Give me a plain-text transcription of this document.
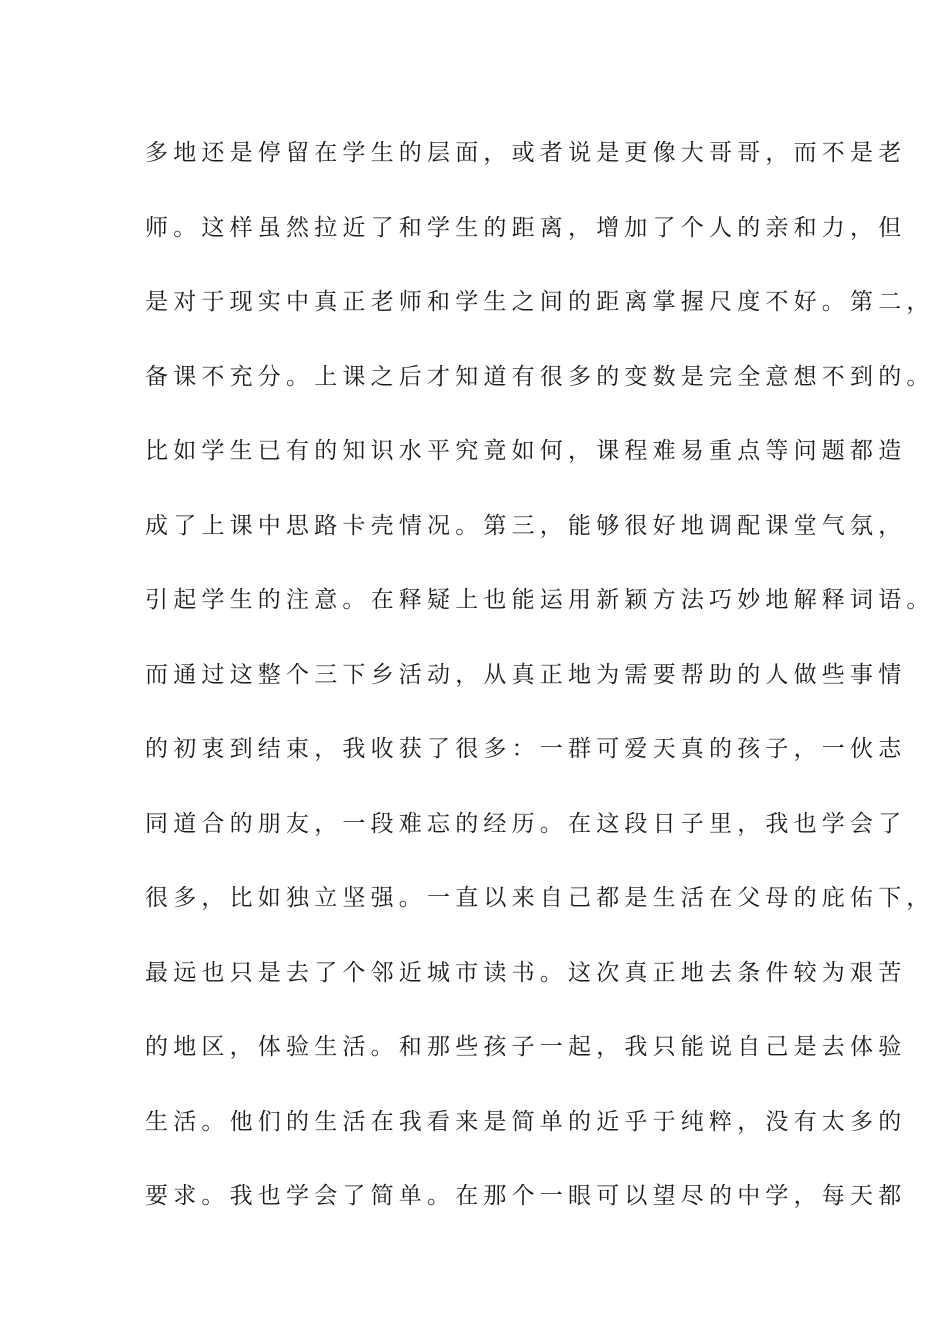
多地还是停留在学生的层面，或者说是更像大哥哥，而不是老
师。这样虽然拉近了和学生的距离，增加了个人的亲和力，但
是对于现实中真正老师和学生之间的距离掌握尺度不好。第二，
备课不充分。上课之后才知道有很多的变数是完全意想不到的。
比如学生已有的知识水平究竟如何，课程难易重点等问题都造
成了上课中思路卡壳情况。第三，能够很好地调配课堂气氛，
引起学生的注意。在释疑上也能运用新颖方法巧妙地解释词语。
而通过这整个三下乡活动，从真正地为需要帮助的人做些事情
的初衷到结束，我收获了很多：一群可爱天真的孩子，一伙志
同道合的朋友，一段难忘的经历。在这段日子里，我也学会了
很多，比如独立坚强。一直以来自己都是生活在父母的庇佑下，
最远也只是去了个邻近城市读书。这次真正地去条件较为艰苦
的地区，体验生活。和那些孩子一起，我只能说自己是去体验
生活。他们的生活在我看来是简单的近乎于纯粹，没有太多的
要求。我也学会了简单。在那个一眼可以望尽的中学，每天都
